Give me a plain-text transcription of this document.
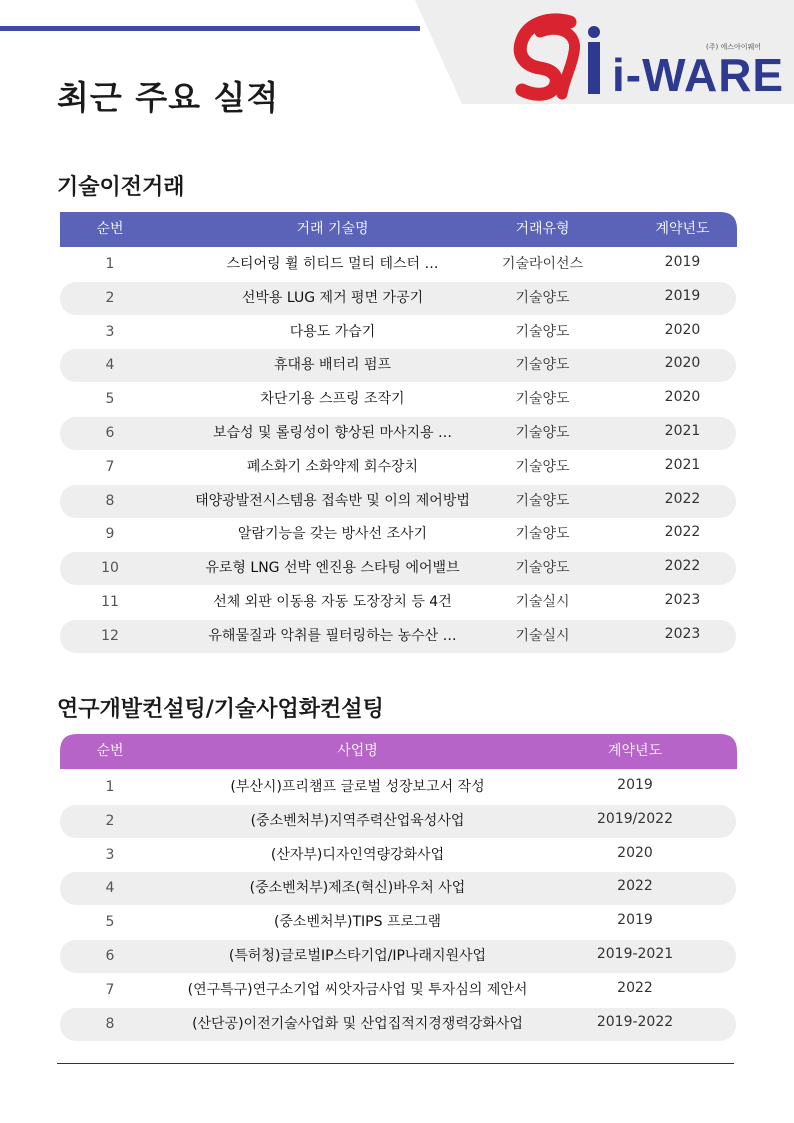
최근 주요 실적
(주) 에스아이웨어
i-WARE
기술이전거래
순번	거래 기술명	거래유형	계약년도
1	스티어링 휠 히티드 멀티 테스터 …	기술라이선스	2019
2	선박용 LUG 제거 평면 가공기	기술양도	2019
3	다용도 가습기	기술양도	2020
4	휴대용 배터리 펌프	기술양도	2020
5	차단기용 스프링 조작기	기술양도	2020
6	보습성 및 롤링성이 향상된 마사지용 …	기술양도	2021
7	폐소화기 소화약제 회수장치	기술양도	2021
8	태양광발전시스템용 접속반 및 이의 제어방법	기술양도	2022
9	알람기능을 갖는 방사선 조사기	기술양도	2022
10	유로형 LNG 선박 엔진용 스타팅 에어밸브	기술양도	2022
11	선체 외판 이동용 자동 도장장치 등 4건	기술실시	2023
12	유해물질과 악취를 필터링하는 농수산 …	기술실시	2023
연구개발컨설팅/기술사업화컨설팅
순번	사업명	계약년도
1	(부산시)프리챔프 글로벌 성장보고서 작성	2019
2	(중소벤처부)지역주력산업육성사업	2019/2022
3	(산자부)디자인역량강화사업	2020
4	(중소벤처부)제조(혁신)바우처 사업	2022
5	(중소벤처부)TIPS 프로그램	2019
6	(특허청)글로벌IP스타기업/IP나래지원사업	2019-2021
7	(연구특구)연구소기업 씨앗자금사업 및 투자심의 제안서	2022
8	(산단공)이전기술사업화 및 산업집적지경쟁력강화사업	2019-2022
